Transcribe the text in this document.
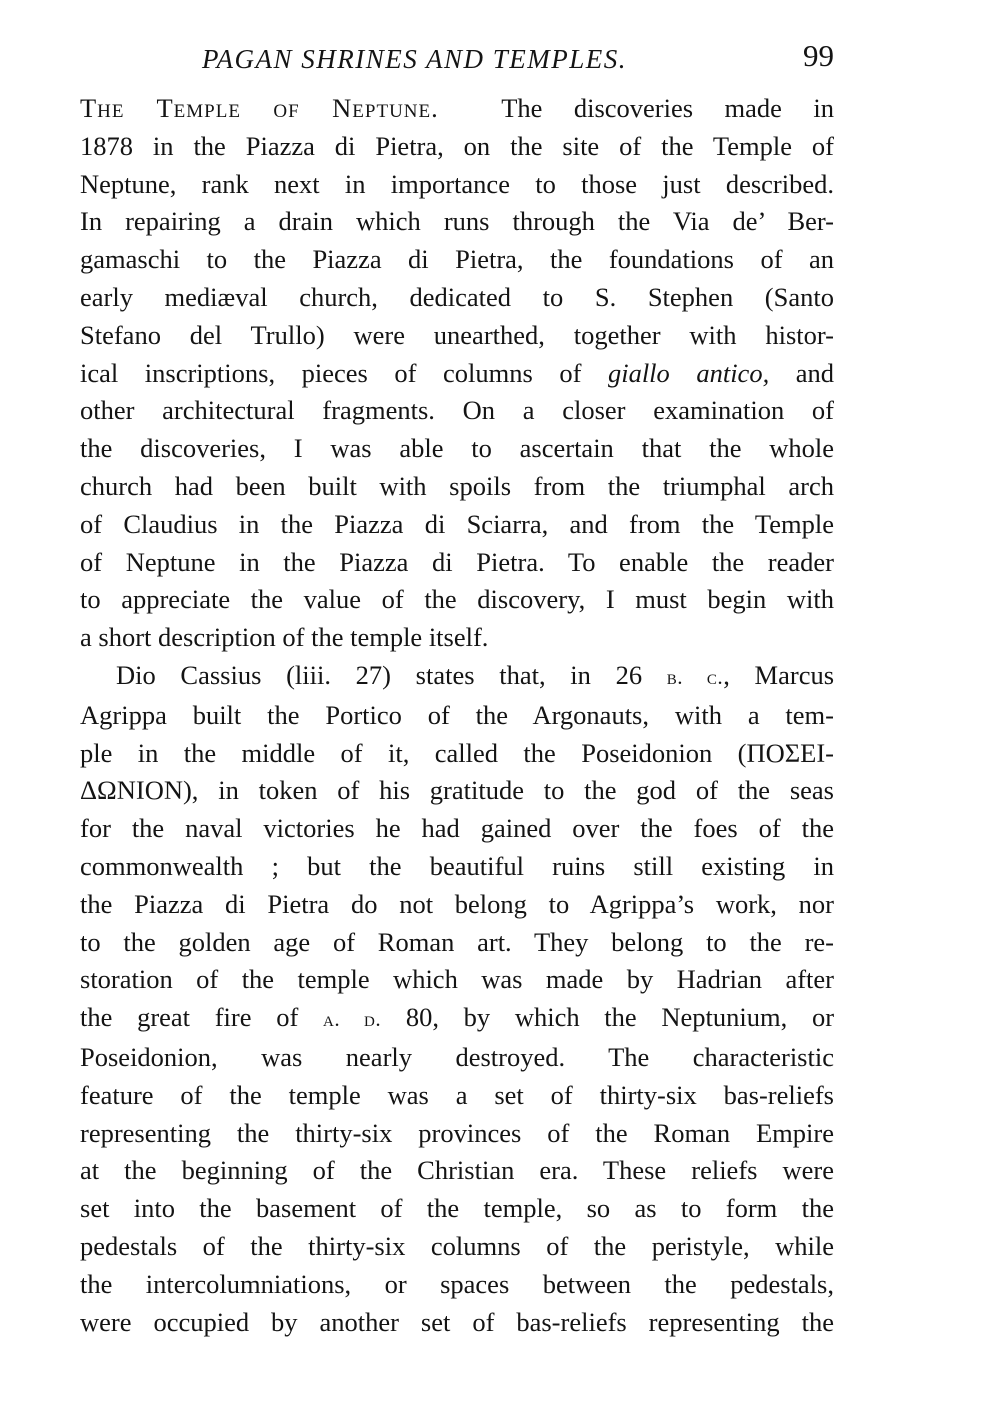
PAGAN SHRINES AND TEMPLES.	99

The Temple of Neptune. The discoveries made in
1878 in the Piazza di Pietra, on the site of the Temple of
Neptune, rank next in importance to those just described.
In repairing a drain which runs through the Via de’ Ber-
gamaschi to the Piazza di Pietra, the foundations of an
early mediæval church, dedicated to S. Stephen (Santo
Stefano del Trullo) were unearthed, together with histor-
ical inscriptions, pieces of columns of giallo antico, and
other architectural fragments. On a closer examination of
the discoveries, I was able to ascertain that the whole
church had been built with spoils from the triumphal arch
of Claudius in the Piazza di Sciarra, and from the Temple
of Neptune in the Piazza di Pietra. To enable the reader
to appreciate the value of the discovery, I must begin with
a short description of the temple itself.

Dio Cassius (liii. 27) states that, in 26 b. c., Marcus
Agrippa built the Portico of the Argonauts, with a tem-
ple in the middle of it, called the Poseidonion (ΠΟΣΕΙ-
ΔΩΝΙΟΝ), in token of his gratitude to the god of the seas
for the naval victories he had gained over the foes of the
commonwealth ; but the beautiful ruins still existing in
the Piazza di Pietra do not belong to Agrippa’s work, nor
to the golden age of Roman art. They belong to the re-
storation of the temple which was made by Hadrian after
the great fire of a. d. 80, by which the Neptunium, or
Poseidonion, was nearly destroyed. The characteristic
feature of the temple was a set of thirty-six bas-reliefs
representing the thirty-six provinces of the Roman Empire
at the beginning of the Christian era. These reliefs were
set into the basement of the temple, so as to form the
pedestals of the thirty-six columns of the peristyle, while
the intercolumniations, or spaces between the pedestals,
were occupied by another set of bas-reliefs representing the
